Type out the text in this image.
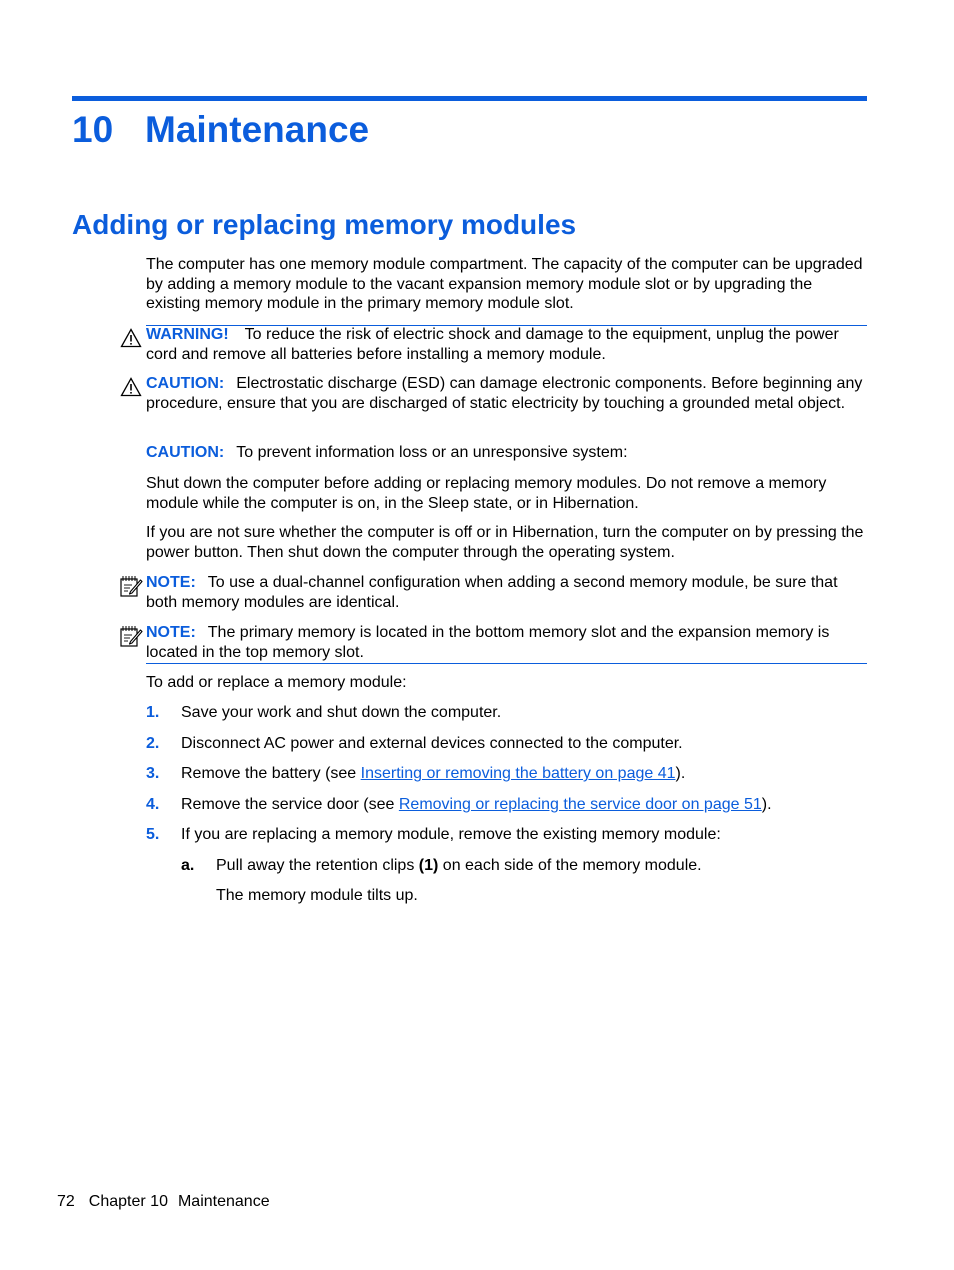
10 Maintenance
Adding or replacing memory modules

The computer has one memory module compartment. The capacity of the computer can be upgraded by adding a memory module to the vacant expansion memory module slot or by upgrading the existing memory module in the primary memory module slot.

WARNING! To reduce the risk of electric shock and damage to the equipment, unplug the power cord and remove all batteries before installing a memory module.

CAUTION: Electrostatic discharge (ESD) can damage electronic components. Before beginning any procedure, ensure that you are discharged of static electricity by touching a grounded metal object.

CAUTION: To prevent information loss or an unresponsive system:

Shut down the computer before adding or replacing memory modules. Do not remove a memory module while the computer is on, in the Sleep state, or in Hibernation.

If you are not sure whether the computer is off or in Hibernation, turn the computer on by pressing the power button. Then shut down the computer through the operating system.

NOTE: To use a dual-channel configuration when adding a second memory module, be sure that both memory modules are identical.

NOTE: The primary memory is located in the bottom memory slot and the expansion memory is located in the top memory slot.

To add or replace a memory module:

1. Save your work and shut down the computer.
2. Disconnect AC power and external devices connected to the computer.
3. Remove the battery (see Inserting or removing the battery on page 41).
4. Remove the service door (see Removing or replacing the service door on page 51).
5. If you are replacing a memory module, remove the existing memory module:
a. Pull away the retention clips (1) on each side of the memory module.
The memory module tilts up.
72 Chapter 10 Maintenance
